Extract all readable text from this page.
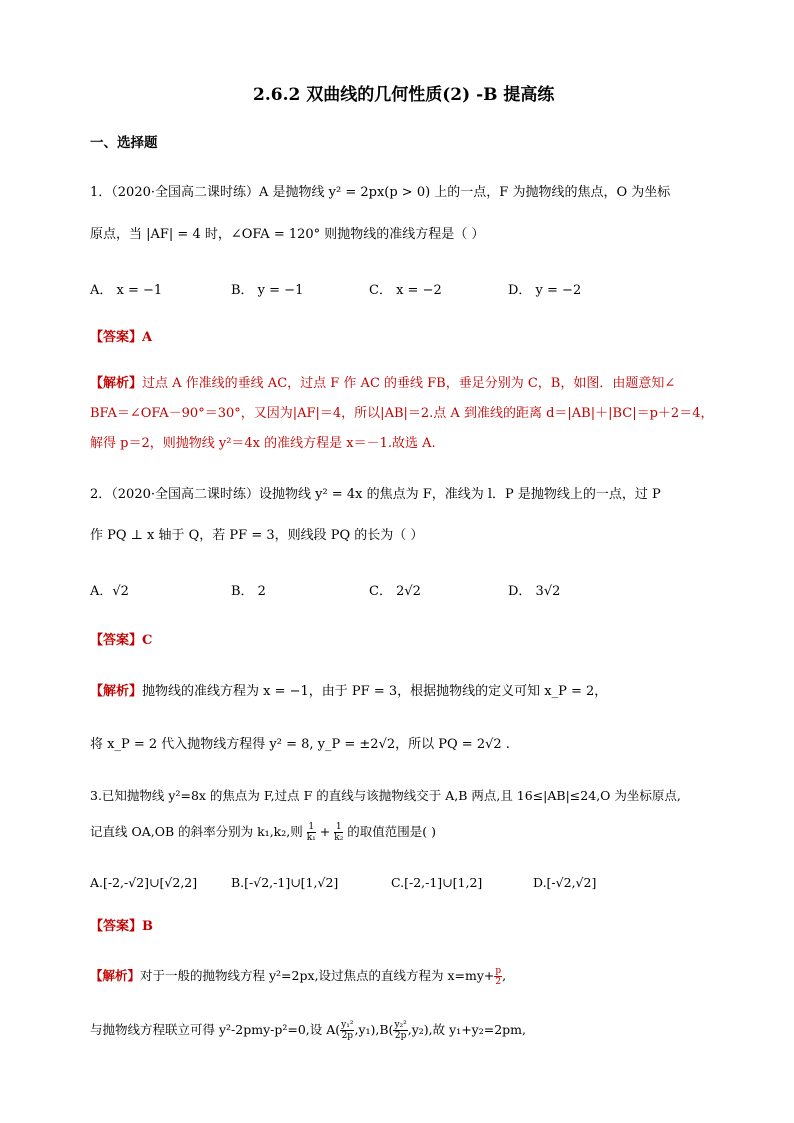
2.6.2 双曲线的几何性质(2) -B 提高练
一、选择题
1．（2020·全国高二课时练）A 是抛物线 y² = 2px(p > 0) 上的一点，F 为抛物线的焦点，O 为坐标
原点，当 |AF| = 4 时，∠OFA = 120° 则抛物线的准线方程是（ ）
A． x = −1	B． y = −1	C． x = −2	D． y = −2
【答案】A
【解析】过点 A 作准线的垂线 AC，过点 F 作 AC 的垂线 FB，垂足分别为 C，B，如图．由题意知∠
BFA＝∠OFA－90°＝30°，又因为|AF|＝4，所以|AB|＝2.点 A 到准线的距离 d＝|AB|＋|BC|＝p＋2＝4，
解得 p＝2，则抛物线 y²＝4x 的准线方程是 x＝－1.故选 A.
2．（2020·全国高二课时练）设抛物线 y² = 4x 的焦点为 F，准线为 l．P 是抛物线上的一点，过 P
作 PQ ⊥ x 轴于 Q，若 PF = 3，则线段 PQ 的长为（ ）
A．√2	B． 2	C． 2√2	D． 3√2
【答案】C
【解析】抛物线的准线方程为 x = −1，由于 PF = 3，根据抛物线的定义可知 x_P = 2，
将 x_P = 2 代入抛物线方程得 y² = 8, y_P = ±2√2，所以 PQ = 2√2 .
3.已知抛物线 y²=8x 的焦点为 F,过点 F 的直线与该抛物线交于 A,B 两点,且 16≤|AB|≤24,O 为坐标原点,
记直线 OA,OB 的斜率分别为 k₁,k₂,则 $\frac{1}{\text{k₁}} + \frac{1}{\text{k₂}}$ 的取值范围是( )
A.[-2,-√2]∪[√2,2]	B.[-√2,-1]∪[1,√2]	C.[-2,-1]∪[1,2]	D.[-√2,√2]
【答案】B
【解析】对于一般的抛物线方程 y²=2px,设过焦点的直线方程为 $x=my+ \frac{p}{2}$ ,
与抛物线方程联立可得 y²-2pmy-p²=0,设 $A( \frac{\text{y₁²}}{2p} ,y_1),B( \frac{\text{y₂²}}{2p} ,y_2)$,故 y₁+y₂=2pm,
